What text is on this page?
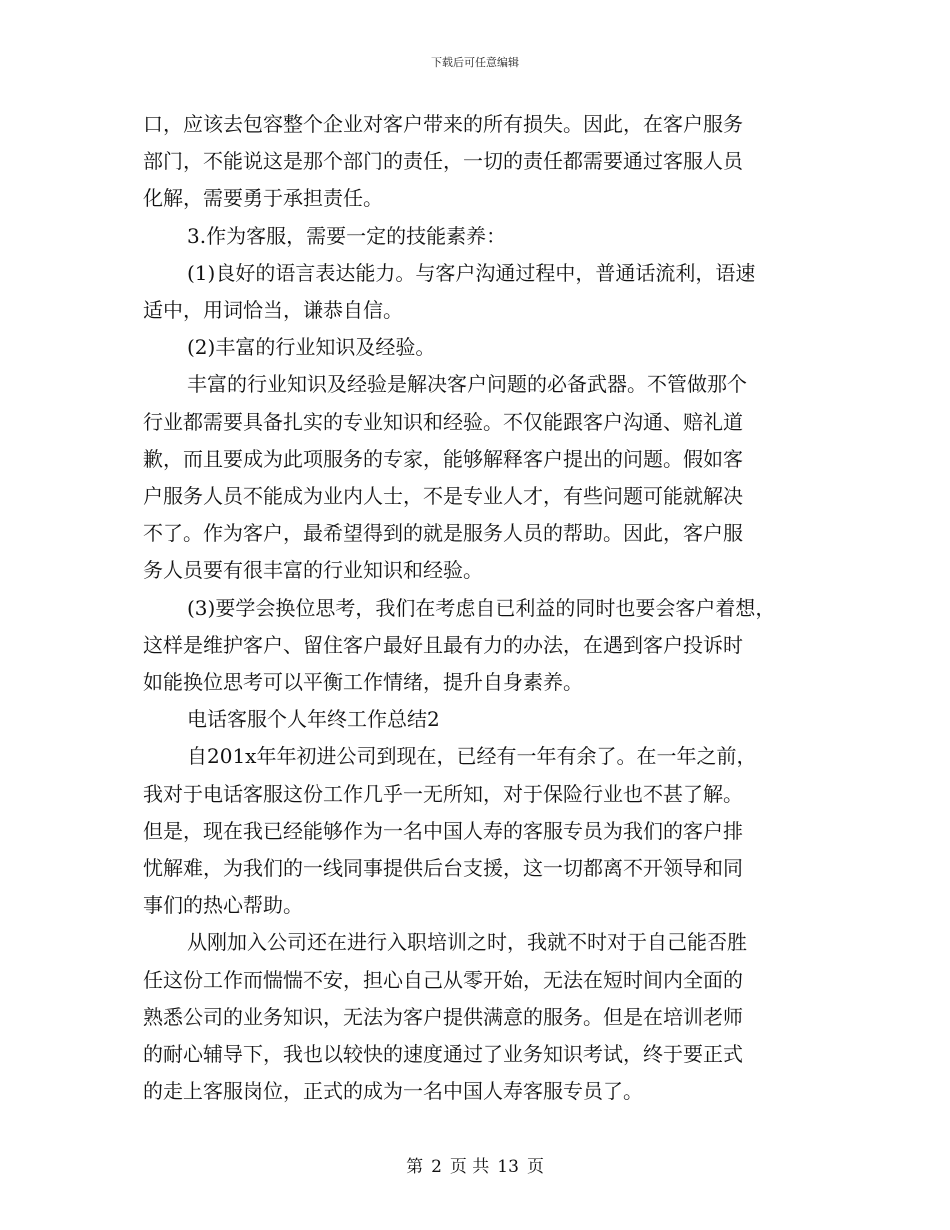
下载后可任意编辑
口，应该去包容整个企业对客户带来的所有损失。因此，在客户服务
部门，不能说这是那个部门的责任，一切的责任都需要通过客服人员
化解，需要勇于承担责任。
3.作为客服，需要一定的技能素养：
(1)良好的语言表达能力。与客户沟通过程中，普通话流利，语速
适中，用词恰当，谦恭自信。
(2)丰富的行业知识及经验。
丰富的行业知识及经验是解决客户问题的必备武器。不管做那个
行业都需要具备扎实的专业知识和经验。不仅能跟客户沟通、赔礼道
歉，而且要成为此项服务的专家，能够解释客户提出的问题。假如客
户服务人员不能成为业内人士，不是专业人才，有些问题可能就解决
不了。作为客户，最希望得到的就是服务人员的帮助。因此，客户服
务人员要有很丰富的行业知识和经验。
(3)要学会换位思考，我们在考虑自已利益的同时也要会客户着想，
这样是维护客户、留住客户最好且最有力的办法，在遇到客户投诉时
如能换位思考可以平衡工作情绪，提升自身素养。
电话客服个人年终工作总结2
自201x年年初进公司到现在，已经有一年有余了。在一年之前，
我对于电话客服这份工作几乎一无所知，对于保险行业也不甚了解。
但是，现在我已经能够作为一名中国人寿的客服专员为我们的客户排
忧解难，为我们的一线同事提供后台支援，这一切都离不开领导和同
事们的热心帮助。
从刚加入公司还在进行入职培训之时，我就不时对于自己能否胜
任这份工作而惴惴不安，担心自己从零开始，无法在短时间内全面的
熟悉公司的业务知识，无法为客户提供满意的服务。但是在培训老师
的耐心辅导下，我也以较快的速度通过了业务知识考试，终于要正式
的走上客服岗位，正式的成为一名中国人寿客服专员了。
第 2 页 共 13 页
